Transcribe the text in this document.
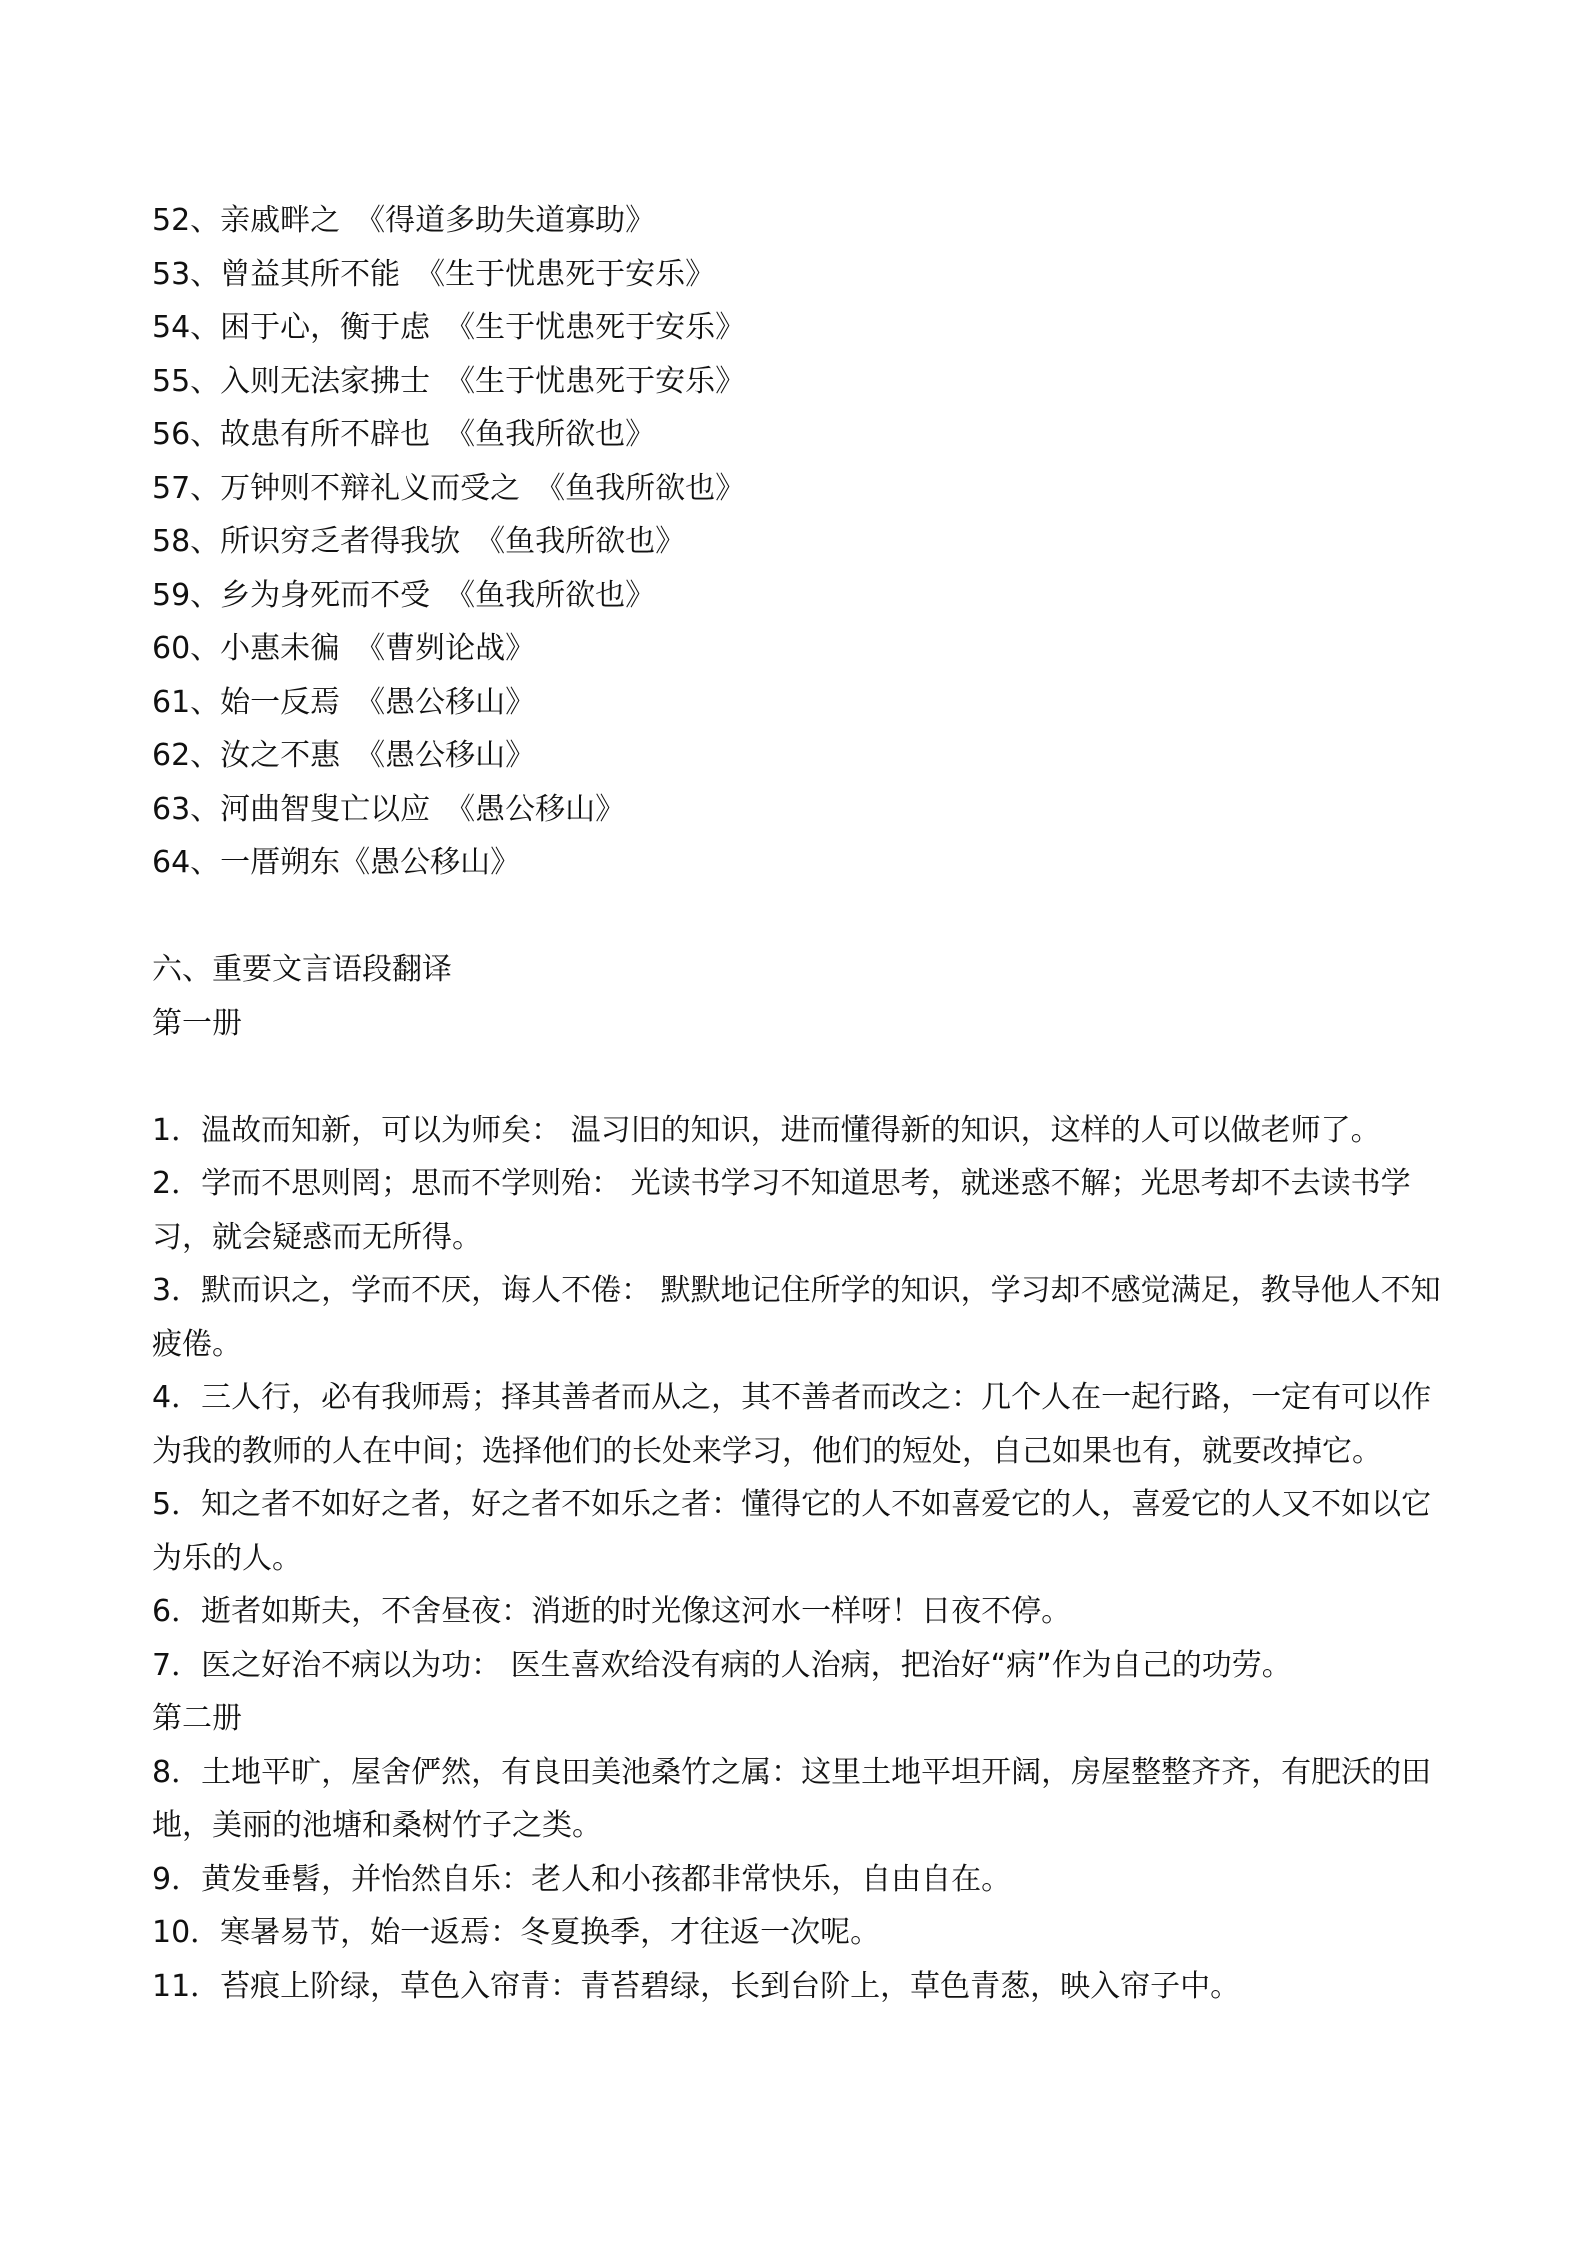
52、亲戚畔之　《得道多助失道寡助》
53、曾益其所不能　《生于忧患死于安乐》
54、困于心，衡于虑　《生于忧患死于安乐》
55、入则无法家拂士　《生于忧患死于安乐》
56、故患有所不辟也　《鱼我所欲也》
57、万钟则不辩礼义而受之　《鱼我所欲也》
58、所识穷乏者得我欤　《鱼我所欲也》
59、乡为身死而不受　《鱼我所欲也》
60、小惠未徧　《曹刿论战》
61、始一反焉　《愚公移山》
62、汝之不惠　《愚公移山》
63、河曲智叟亡以应　《愚公移山》
64、一厝朔东《愚公移山》
六、重要文言语段翻译
第一册
1．温故而知新，可以为师矣： 温习旧的知识，进而懂得新的知识，这样的人可以做老师了。
2．学而不思则罔；思而不学则殆： 光读书学习不知道思考，就迷惑不解；光思考却不去读书学习，就会疑惑而无所得。
3．默而识之，学而不厌，诲人不倦： 默默地记住所学的知识，学习却不感觉满足，教导他人不知疲倦。
4．三人行，必有我师焉；择其善者而从之，其不善者而改之：几个人在一起行路，一定有可以作为我的教师的人在中间；选择他们的长处来学习，他们的短处，自己如果也有，就要改掉它。
5．知之者不如好之者，好之者不如乐之者：懂得它的人不如喜爱它的人，喜爱它的人又不如以它为乐的人。
6．逝者如斯夫，不舍昼夜：消逝的时光像这河水一样呀！日夜不停。
7．医之好治不病以为功： 医生喜欢给没有病的人治病，把治好“病”作为自己的功劳。
第二册
8．土地平旷，屋舍俨然，有良田美池桑竹之属：这里土地平坦开阔，房屋整整齐齐，有肥沃的田地，美丽的池塘和桑树竹子之类。
9．黄发垂髫，并怡然自乐：老人和小孩都非常快乐，自由自在。
10．寒暑易节，始一返焉：冬夏换季，才往返一次呢。
11．苔痕上阶绿，草色入帘青：青苔碧绿，长到台阶上，草色青葱，映入帘子中。
